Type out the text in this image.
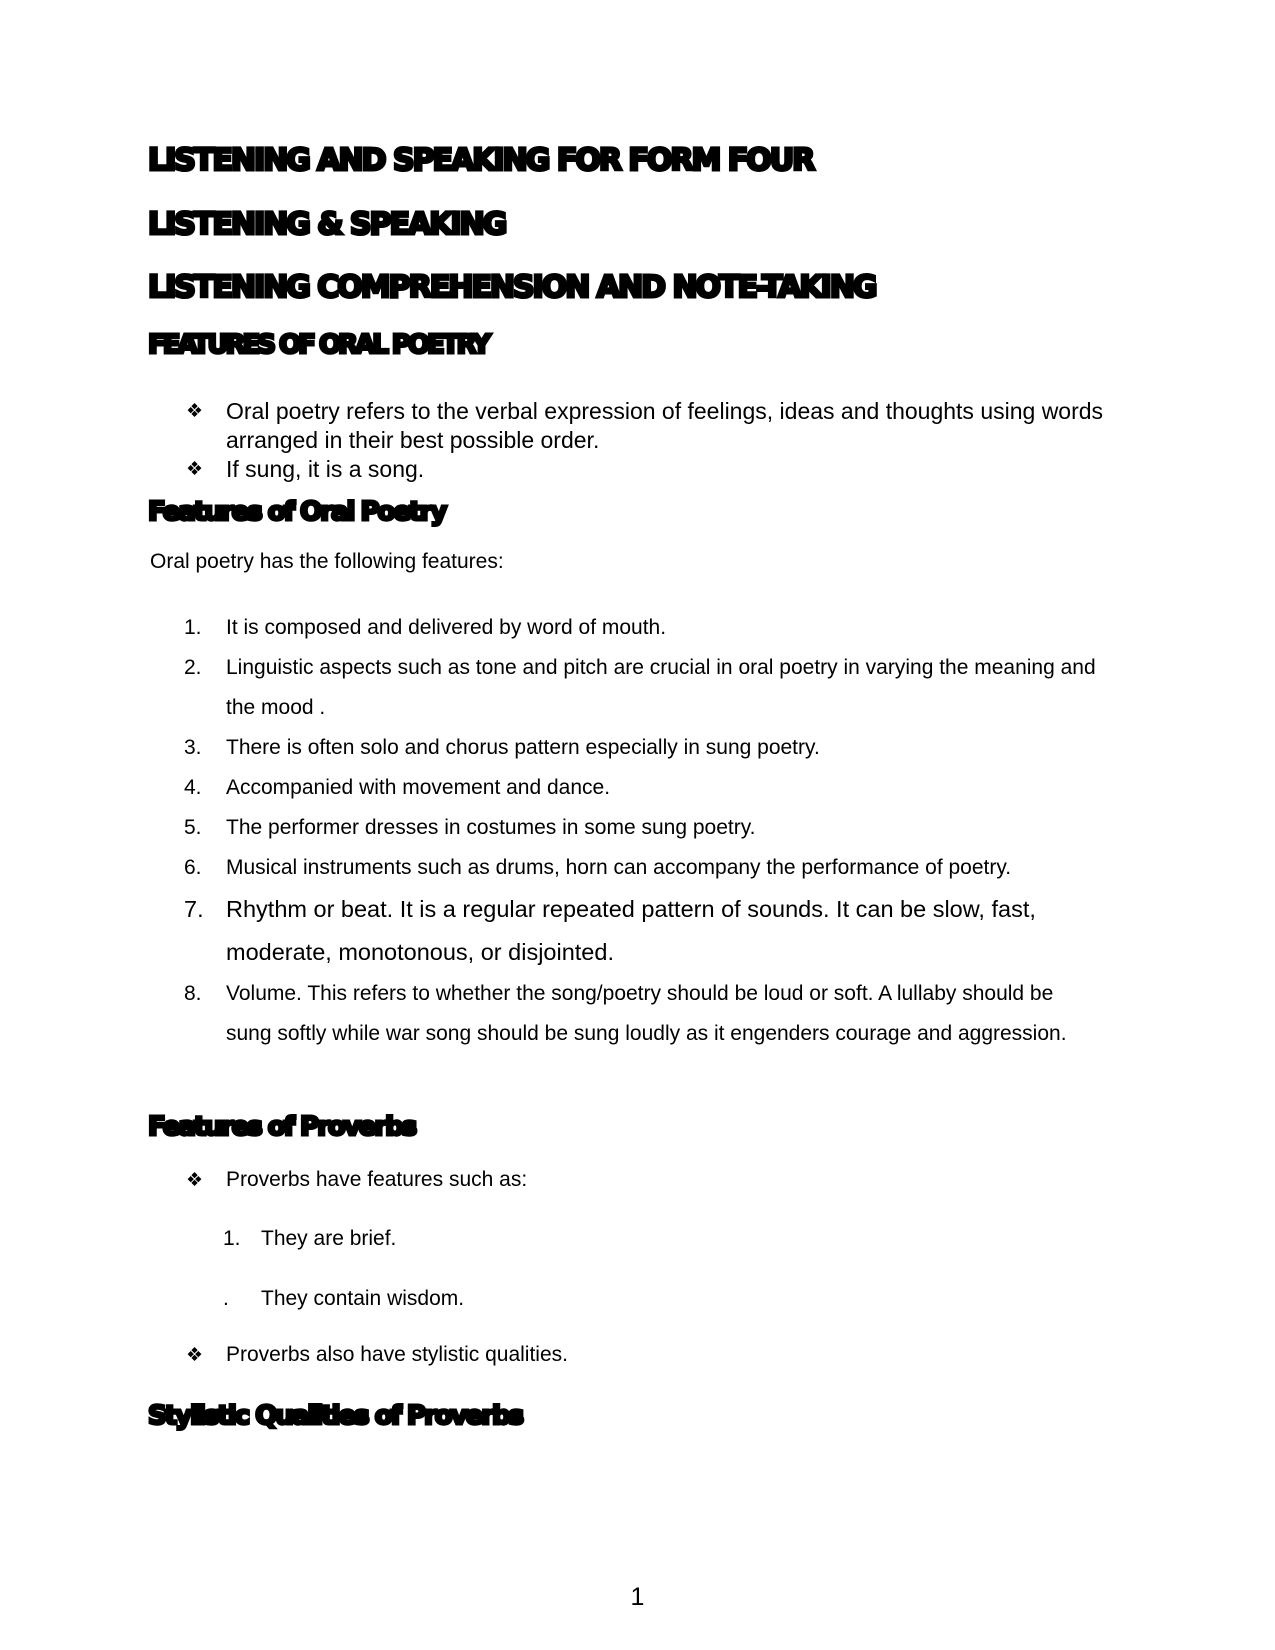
LISTENING AND SPEAKING FOR FORM FOUR
LISTENING & SPEAKING
LISTENING COMPREHENSION AND NOTE-TAKING
FEATURES OF ORAL POETRY
❖ Oral poetry refers to the verbal expression of feelings, ideas and thoughts using words arranged in their best possible order.
❖ If sung, it is a song.
Features of Oral Poetry
Oral poetry has the following features:
1. It is composed and delivered by word of mouth.
2. Linguistic aspects such as tone and pitch are crucial in oral poetry in varying the meaning and the mood .
3. There is often solo and chorus pattern especially in sung poetry.
4. Accompanied with movement and dance.
5. The performer dresses in costumes in some sung poetry.
6. Musical instruments such as drums, horn can accompany the performance of poetry.
7. Rhythm or beat. It is a regular repeated pattern of sounds. It can be slow, fast, moderate, monotonous, or disjointed.
8. Volume. This refers to whether the song/poetry should be loud or soft. A lullaby should be sung softly while war song should be sung loudly as it engenders courage and aggression.
Features of Proverbs
❖ Proverbs have features such as:
1. They are brief.
. They contain wisdom.
❖ Proverbs also have stylistic qualities.
Stylistic Qualities of Proverbs
1
